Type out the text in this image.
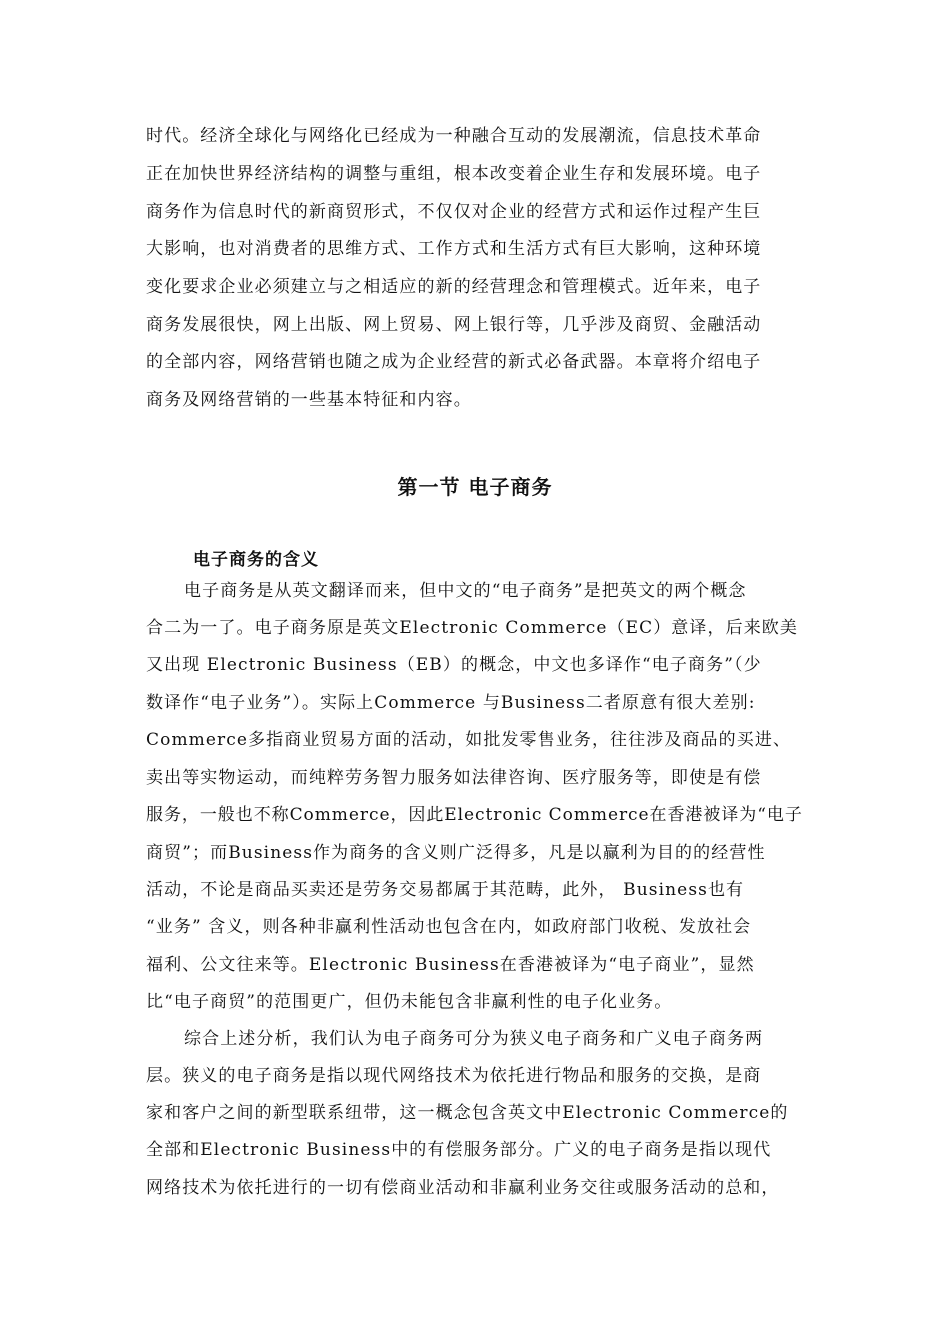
时代。经济全球化与网络化已经成为一种融合互动的发展潮流，信息技术革命
正在加快世界经济结构的调整与重组，根本改变着企业生存和发展环境。电子
商务作为信息时代的新商贸形式，不仅仅对企业的经营方式和运作过程产生巨
大影响，也对消费者的思维方式、工作方式和生活方式有巨大影响，这种环境
变化要求企业必须建立与之相适应的新的经营理念和管理模式。近年来，电子
商务发展很快，网上出版、网上贸易、网上银行等，几乎涉及商贸、金融活动
的全部内容，网络营销也随之成为企业经营的新式必备武器。本章将介绍电子
商务及网络营销的一些基本特征和内容。
第一节 电子商务
电子商务的含义
电子商务是从英文翻译而来，但中文的“电子商务”是把英文的两个概念
合二为一了。电子商务原是英文Electronic Commerce（EC）意译，后来欧美
又出现 Electronic Business（EB）的概念，中文也多译作“电子商务”（少
数译作“电子业务”）。实际上Commerce 与Business二者原意有很大差别:
Commerce多指商业贸易方面的活动，如批发零售业务，往往涉及商品的买进、
卖出等实物运动，而纯粹劳务智力服务如法律咨询、医疗服务等，即使是有偿
服务，一般也不称Commerce，因此Electronic Commerce在香港被译为“电子
商贸”；而Business作为商务的含义则广泛得多，凡是以赢利为目的的经营性
活动，不论是商品买卖还是劳务交易都属于其范畴，此外， Business也有
“业务” 含义，则各种非赢利性活动也包含在内，如政府部门收税、发放社会
福利、公文往来等。Electronic Business在香港被译为“电子商业”，显然
比“电子商贸”的范围更广，但仍未能包含非赢利性的电子化业务。
综合上述分析，我们认为电子商务可分为狭义电子商务和广义电子商务两
层。狭义的电子商务是指以现代网络技术为依托进行物品和服务的交换，是商
家和客户之间的新型联系纽带，这一概念包含英文中Electronic Commerce的
全部和Electronic Business中的有偿服务部分。广义的电子商务是指以现代
网络技术为依托进行的一切有偿商业活动和非赢利业务交往或服务活动的总和，
